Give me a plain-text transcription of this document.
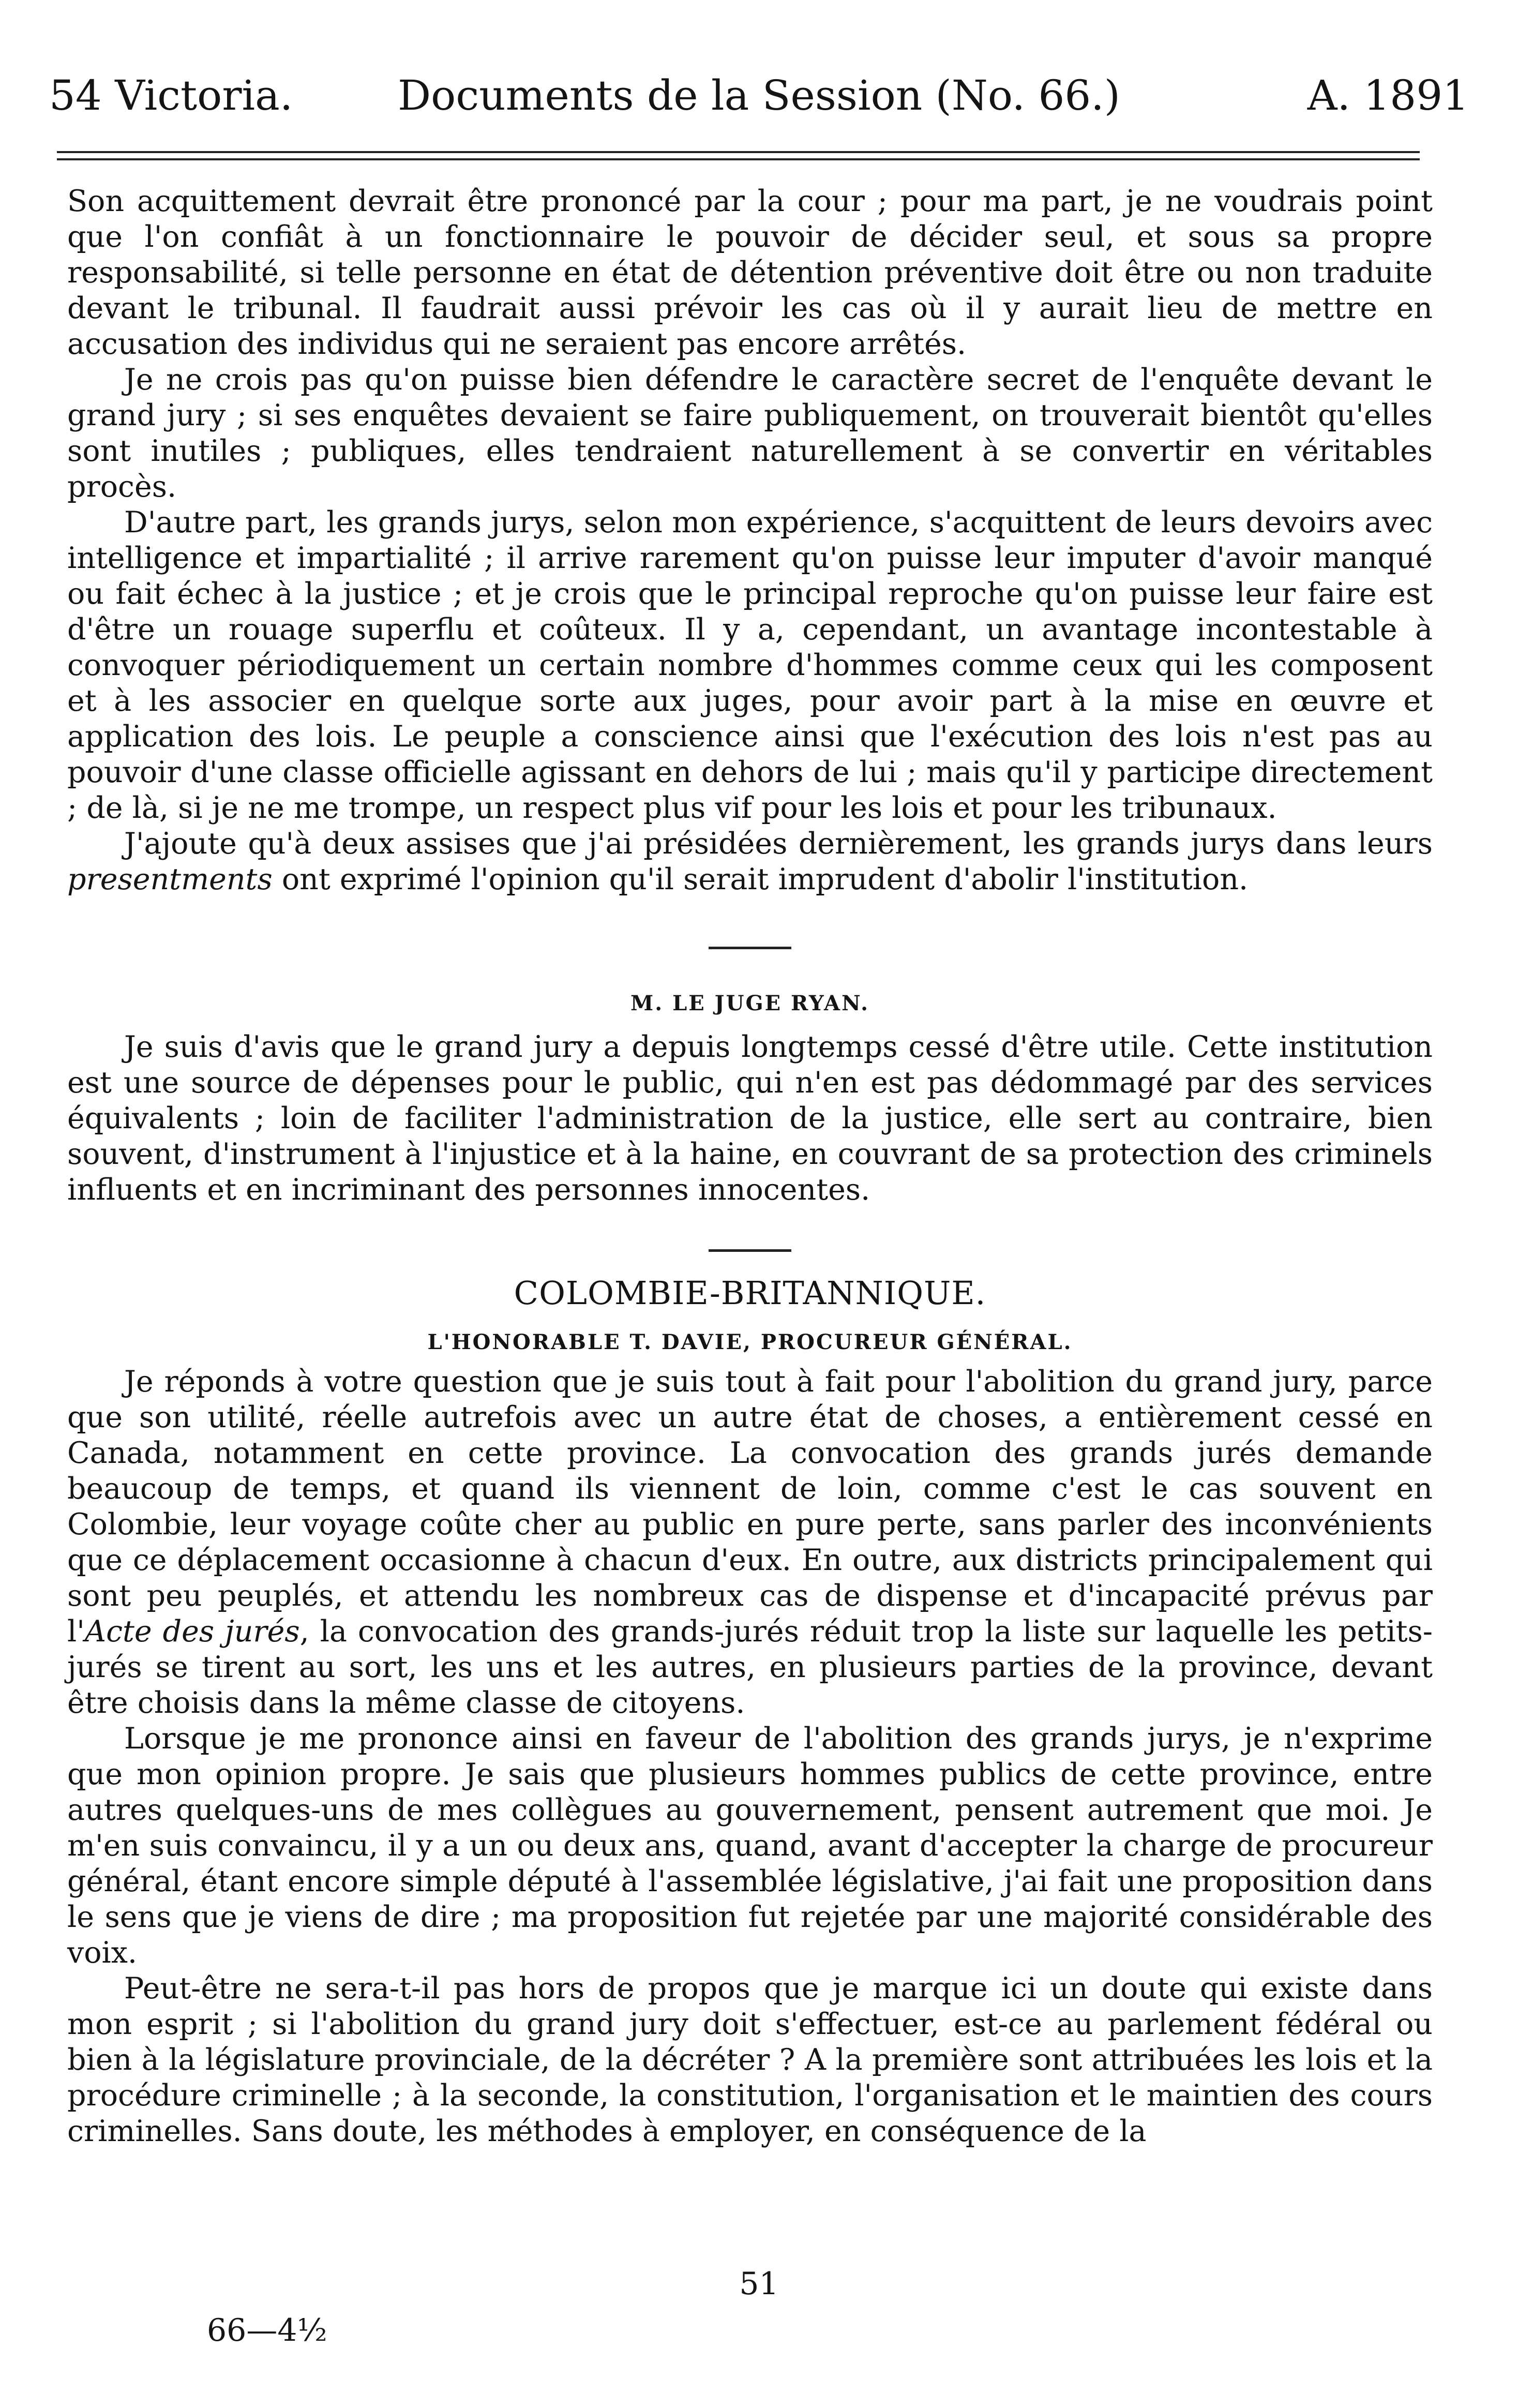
54 Victoria.	Documents de la Session (No. 66.)	A. 1891

Son acquittement devrait être prononcé par la cour ; pour ma part, je ne voudrais point que l'on confiât à un fonctionnaire le pouvoir de décider seul, et sous sa propre responsabilité, si telle personne en état de détention préventive doit être ou non traduite devant le tribunal. Il faudrait aussi prévoir les cas où il y aurait lieu de mettre en accusation des individus qui ne seraient pas encore arrêtés.

Je ne crois pas qu'on puisse bien défendre le caractère secret de l'enquête devant le grand jury ; si ses enquêtes devaient se faire publiquement, on trouverait bientôt qu'elles sont inutiles ; publiques, elles tendraient naturellement à se convertir en véritables procès.

D'autre part, les grands jurys, selon mon expérience, s'acquittent de leurs devoirs avec intelligence et impartialité ; il arrive rarement qu'on puisse leur imputer d'avoir manqué ou fait échec à la justice ; et je crois que le principal reproche qu'on puisse leur faire est d'être un rouage superflu et coûteux. Il y a, cependant, un avantage incontestable à convoquer périodiquement un certain nombre d'hommes comme ceux qui les composent et à les associer en quelque sorte aux juges, pour avoir part à la mise en œuvre et application des lois. Le peuple a conscience ainsi que l'exécution des lois n'est pas au pouvoir d'une classe officielle agissant en dehors de lui ; mais qu'il y participe directement ; de là, si je ne me trompe, un respect plus vif pour les lois et pour les tribunaux.

J'ajoute qu'à deux assises que j'ai présidées dernièrement, les grands jurys dans leurs presentments ont exprimé l'opinion qu'il serait imprudent d'abolir l'institution.

M. LE JUGE RYAN.

Je suis d'avis que le grand jury a depuis longtemps cessé d'être utile. Cette institution est une source de dépenses pour le public, qui n'en est pas dédommagé par des services équivalents ; loin de faciliter l'administration de la justice, elle sert au contraire, bien souvent, d'instrument à l'injustice et à la haine, en couvrant de sa protection des criminels influents et en incriminant des personnes innocentes.

COLOMBIE-BRITANNIQUE.
L'HONORABLE T. DAVIE, PROCUREUR GÉNÉRAL.

Je réponds à votre question que je suis tout à fait pour l'abolition du grand jury, parce que son utilité, réelle autrefois avec un autre état de choses, a entièrement cessé en Canada, notamment en cette province. La convocation des grands jurés demande beaucoup de temps, et quand ils viennent de loin, comme c'est le cas souvent en Colombie, leur voyage coûte cher au public en pure perte, sans parler des inconvénients que ce déplacement occasionne à chacun d'eux. En outre, aux districts principalement qui sont peu peuplés, et attendu les nombreux cas de dispense et d'incapacité prévus par l'Acte des jurés, la convocation des grands-jurés réduit trop la liste sur laquelle les petits-jurés se tirent au sort, les uns et les autres, en plusieurs parties de la province, devant être choisis dans la même classe de citoyens.

Lorsque je me prononce ainsi en faveur de l'abolition des grands jurys, je n'exprime que mon opinion propre. Je sais que plusieurs hommes publics de cette province, entre autres quelques-uns de mes collègues au gouvernement, pensent autrement que moi. Je m'en suis convaincu, il y a un ou deux ans, quand, avant d'accepter la charge de procureur général, étant encore simple député à l'assemblée législative, j'ai fait une proposition dans le sens que je viens de dire ; ma proposition fut rejetée par une majorité considérable des voix.

Peut-être ne sera-t-il pas hors de propos que je marque ici un doute qui existe dans mon esprit ; si l'abolition du grand jury doit s'effectuer, est-ce au parlement fédéral ou bien à la législature provinciale, de la décréter ? A la première sont attribuées les lois et la procédure criminelle ; à la seconde, la constitution, l'organisation et le maintien des cours criminelles. Sans doute, les méthodes à employer, en conséquence de la

51
66—4½
